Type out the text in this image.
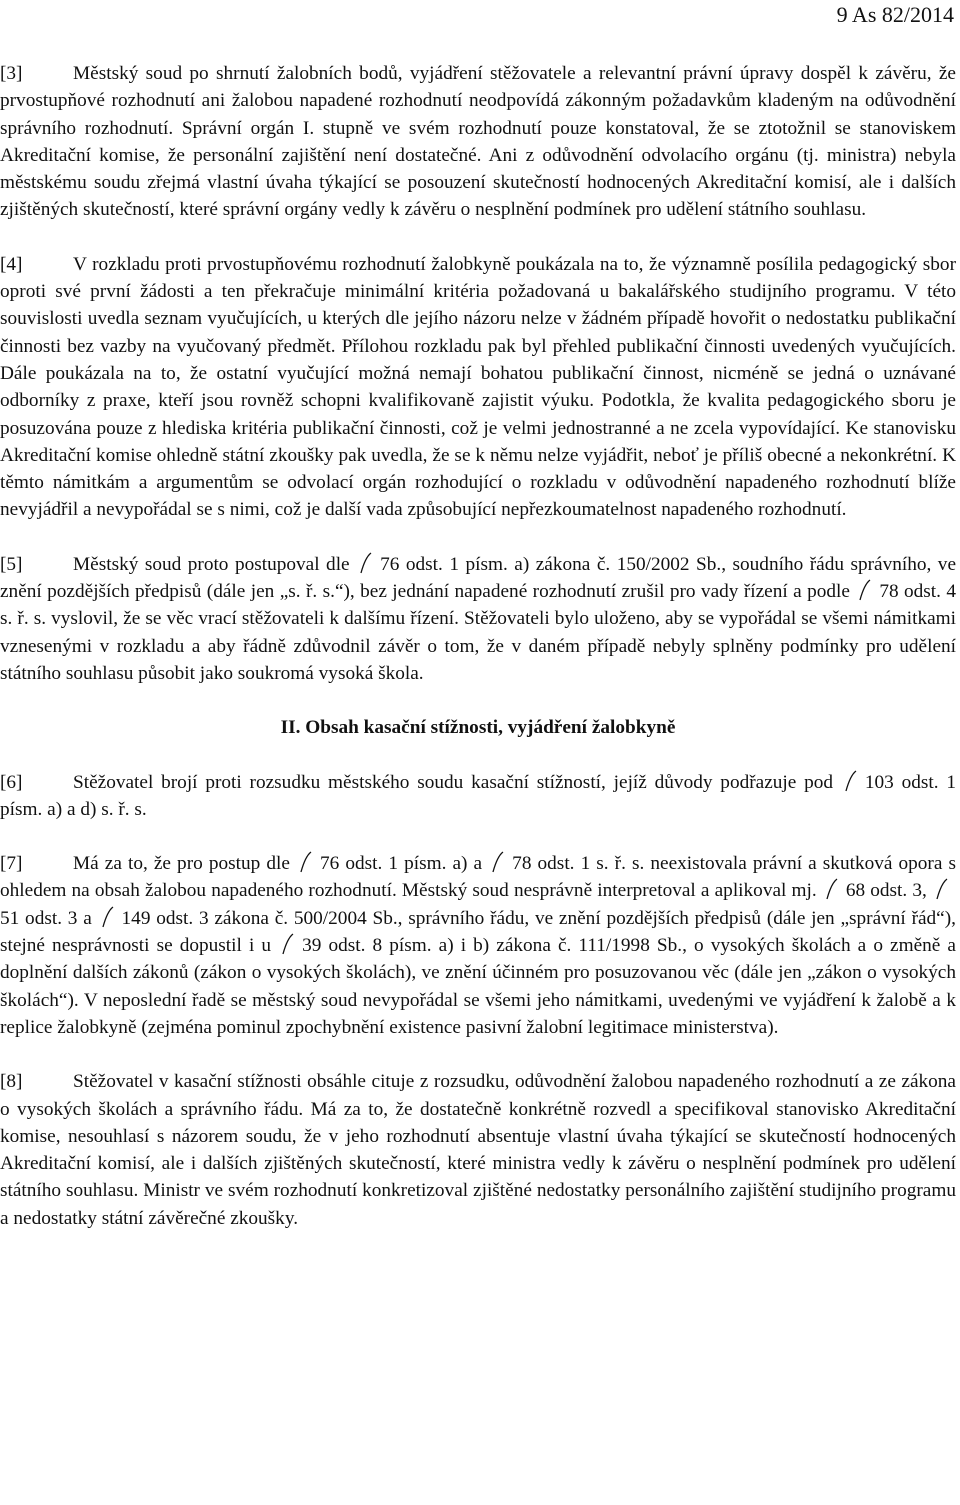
9 As 82/2014

[3]	Městský soud po shrnutí žalobních bodů, vyjádření stěžovatele a relevantní právní úpravy dospěl k závěru, že prvostupňové rozhodnutí ani žalobou napadené rozhodnutí neodpovídá zákonným požadavkům kladeným na odůvodnění správního rozhodnutí. Správní orgán I. stupně ve svém rozhodnutí pouze konstatoval, že se ztotožnil se stanoviskem Akreditační komise, že personální zajištění není dostatečné. Ani z odůvodnění odvolacího orgánu (tj. ministra) nebyla městskému soudu zřejmá vlastní úvaha týkající se posouzení skutečností hodnocených Akreditační komisí, ale i dalších zjištěných skutečností, které správní orgány vedly k závěru o nesplnění podmínek pro udělení státního souhlasu.

[4]	V rozkladu proti prvostupňovému rozhodnutí žalobkyně poukázala na to, že významně posílila pedagogický sbor oproti své první žádosti a ten překračuje minimální kritéria požadovaná u bakalářského studijního programu. V této souvislosti uvedla seznam vyučujících, u kterých dle jejího názoru nelze v žádném případě hovořit o nedostatku publikační činnosti bez vazby na vyučovaný předmět. Přílohou rozkladu pak byl přehled publikační činnosti uvedených vyučujících. Dále poukázala na to, že ostatní vyučující možná nemají bohatou publikační činnost, nicméně se jedná o uznávané odborníky z praxe, kteří jsou rovněž schopni kvalifikovaně zajistit výuku. Podotkla, že kvalita pedagogického sboru je posuzována pouze z hlediska kritéria publikační činnosti, což je velmi jednostranné a ne zcela vypovídající. Ke stanovisku Akreditační komise ohledně státní zkoušky pak uvedla, že se k němu nelze vyjádřit, neboť je příliš obecné a nekonkrétní. K těmto námitkám a argumentům se odvolací orgán rozhodující o rozkladu v odůvodnění napadeného rozhodnutí blíže nevyjádřil a nevypořádal se s nimi, což je další vada způsobující nepřezkoumatelnost napadeného rozhodnutí.

[5]	Městský soud proto postupoval dle
76 odst. 1 písm. a) zákona č. 150/2002 Sb., soudního řádu správního, ve znění pozdějších předpisů (dále jen „s. ř. s.“), bez jednání napadené rozhodnutí zrušil pro vady řízení a podle
78 odst. 4 s. ř. s. vyslovil, že se věc vrací stěžovateli k dalšímu řízení. Stěžovateli bylo uloženo, aby se vypořádal se všemi námitkami vznesenými v rozkladu a aby řádně zdůvodnil závěr o tom, že v daném případě nebyly splněny podmínky pro udělení státního souhlasu působit jako soukromá vysoká škola.

II. Obsah kasační stížnosti, vyjádření žalobkyně

[6]	Stěžovatel brojí proti rozsudku městského soudu kasační stížností, jejíž důvody podřazuje pod
103 odst. 1 písm. a) a d) s. ř. s.

[7]	Má za to, že pro postup dle
76 odst. 1 písm. a) a
78 odst. 1 s. ř. s. neexistovala právní a skutková opora s ohledem na obsah žalobou napadeného rozhodnutí. Městský soud nesprávně interpretoval a aplikoval mj.
68 odst. 3,
51 odst. 3 a
149 odst. 3 zákona č. 500/2004 Sb., správního řádu, ve znění pozdějších předpisů (dále jen „správní řád“), stejné nesprávnosti se dopustil i u
39 odst. 8 písm. a) i b) zákona č. 111/1998 Sb., o vysokých školách a o změně a doplnění dalších zákonů (zákon o vysokých školách), ve znění účinném pro posuzovanou věc (dále jen „zákon o vysokých školách“). V neposlední řadě se městský soud nevypořádal se všemi jeho námitkami, uvedenými ve vyjádření k žalobě a k replice žalobkyně (zejména pominul zpochybnění existence pasivní žalobní legitimace ministerstva).

[8]	Stěžovatel v kasační stížnosti obsáhle cituje z rozsudku, odůvodnění žalobou napadeného rozhodnutí a ze zákona o vysokých školách a správního řádu. Má za to, že dostatečně konkrétně rozvedl a specifikoval stanovisko Akreditační komise, nesouhlasí s názorem soudu, že v jeho rozhodnutí absentuje vlastní úvaha týkající se skutečností hodnocených Akreditační komisí, ale i dalších zjištěných skutečností, které ministra vedly k závěru o nesplnění podmínek pro udělení státního souhlasu. Ministr ve svém rozhodnutí konkretizoval zjištěné nedostatky personálního zajištění studijního programu a nedostatky státní závěrečné zkoušky.
